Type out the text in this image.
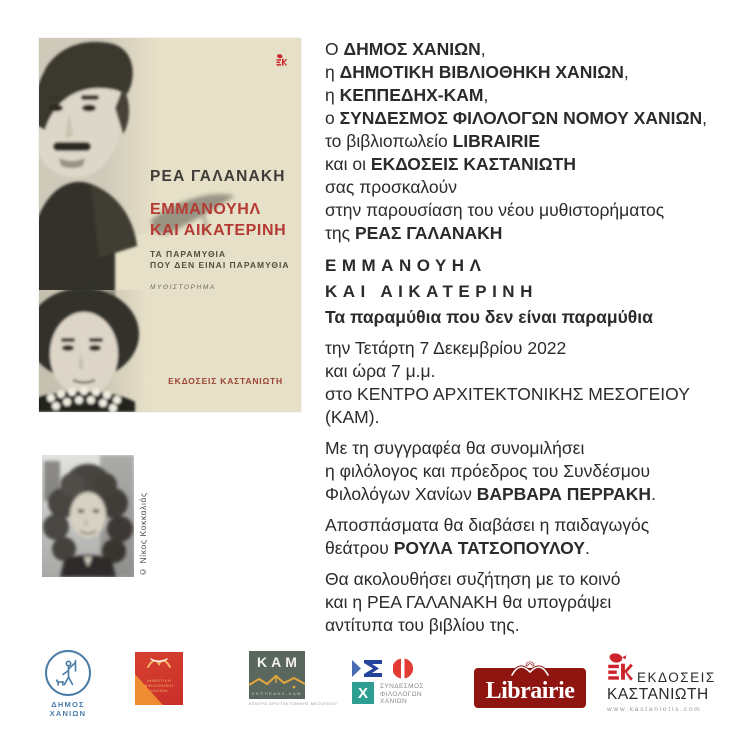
ΡΕΑ ΓΑΛΑΝΑΚΗ
ΕΜΜΑΝΟΥΗΛ
ΚΑΙ ΑΙΚΑΤΕΡΙΝΗ
ΤΑ ΠΑΡΑΜΥΘΙΑ
ΠΟΥ ΔΕΝ ΕΙΝΑΙ ΠΑΡΑΜΥΘΙΑ
ΜΥΘΙΣΤΟΡΗΜΑ
ΕΚΔΟΣΕΙΣ ΚΑΣΤΑΝΙΩΤΗ
© Νίκος Κοκκαλιάς

Ο ΔΗΜΟΣ ΧΑΝΙΩΝ,
η ΔΗΜΟΤΙΚΗ ΒΙΒΛΙΟΘΗΚΗ ΧΑΝΙΩΝ,
η ΚΕΠΠΕΔΗΧ-ΚΑΜ,
ο ΣΥΝΔΕΣΜΟΣ ΦΙΛΟΛΟΓΩΝ ΝΟΜΟΥ ΧΑΝΙΩΝ,
το βιβλιοπωλείο LIBRAIRIE
και οι ΕΚΔΟΣΕΙΣ ΚΑΣΤΑΝΙΩΤΗ
σας προσκαλούν
στην παρουσίαση του νέου μυθιστορήματος
της ΡΕΑΣ ΓΑΛΑΝΑΚΗ

ΕΜΜΑΝΟΥΗΛ
ΚΑΙ ΑΙΚΑΤΕΡΙΝΗ
Τα παραμύθια που δεν είναι παραμύθια

την Τετάρτη 7 Δεκεμβρίου 2022
και ώρα 7 μ.μ.
στο ΚΕΝΤΡΟ ΑΡΧΙΤΕΚΤΟΝΙΚΗΣ ΜΕΣΟΓΕΙΟΥ
(ΚΑΜ).

Με τη συγγραφέα θα συνομιλήσει
η φιλόλογος και πρόεδρος του Συνδέσμου
Φιλολόγων Χανίων ΒΑΡΒΑΡΑ ΠΕΡΡΑΚΗ.

Αποσπάσματα θα διαβάσει η παιδαγωγός
θεάτρου ΡΟΥΛΑ ΤΑΤΣΟΠΟΥΛΟΥ.

Θα ακολουθήσει συζήτηση με το κοινό
και η ΡΕΑ ΓΑΛΑΝΑΚΗ θα υπογράψει
αντίτυπα του βιβλίου της.

ΔΗΜΟΣ
ΧΑΝΙΩΝ
ΔΗΜΟΤΙΚΗ
ΒΙΒΛΙΟΘΗΚΗ
ΧΑΝΙΩΝ
ΚΑΜ
ΚΕΠΠΕΔΗΧ-ΚΑΜ
ΚΕΝΤΡΟ ΑΡΧΙΤΕΚΤΟΝΙΚΗΣ ΜΕΣΟΓΕΙΟΥ
Χ	ΣΥΝΔΕΣΜΟΣ
ΦΙΛΟΛΟΓΩΝ
ΧΑΝΙΩΝ	Librairie	ΕΚΔΟΣΕΙΣ
ΚΑΣΤΑΝΙΩΤΗ
www.kastaniotis.com
